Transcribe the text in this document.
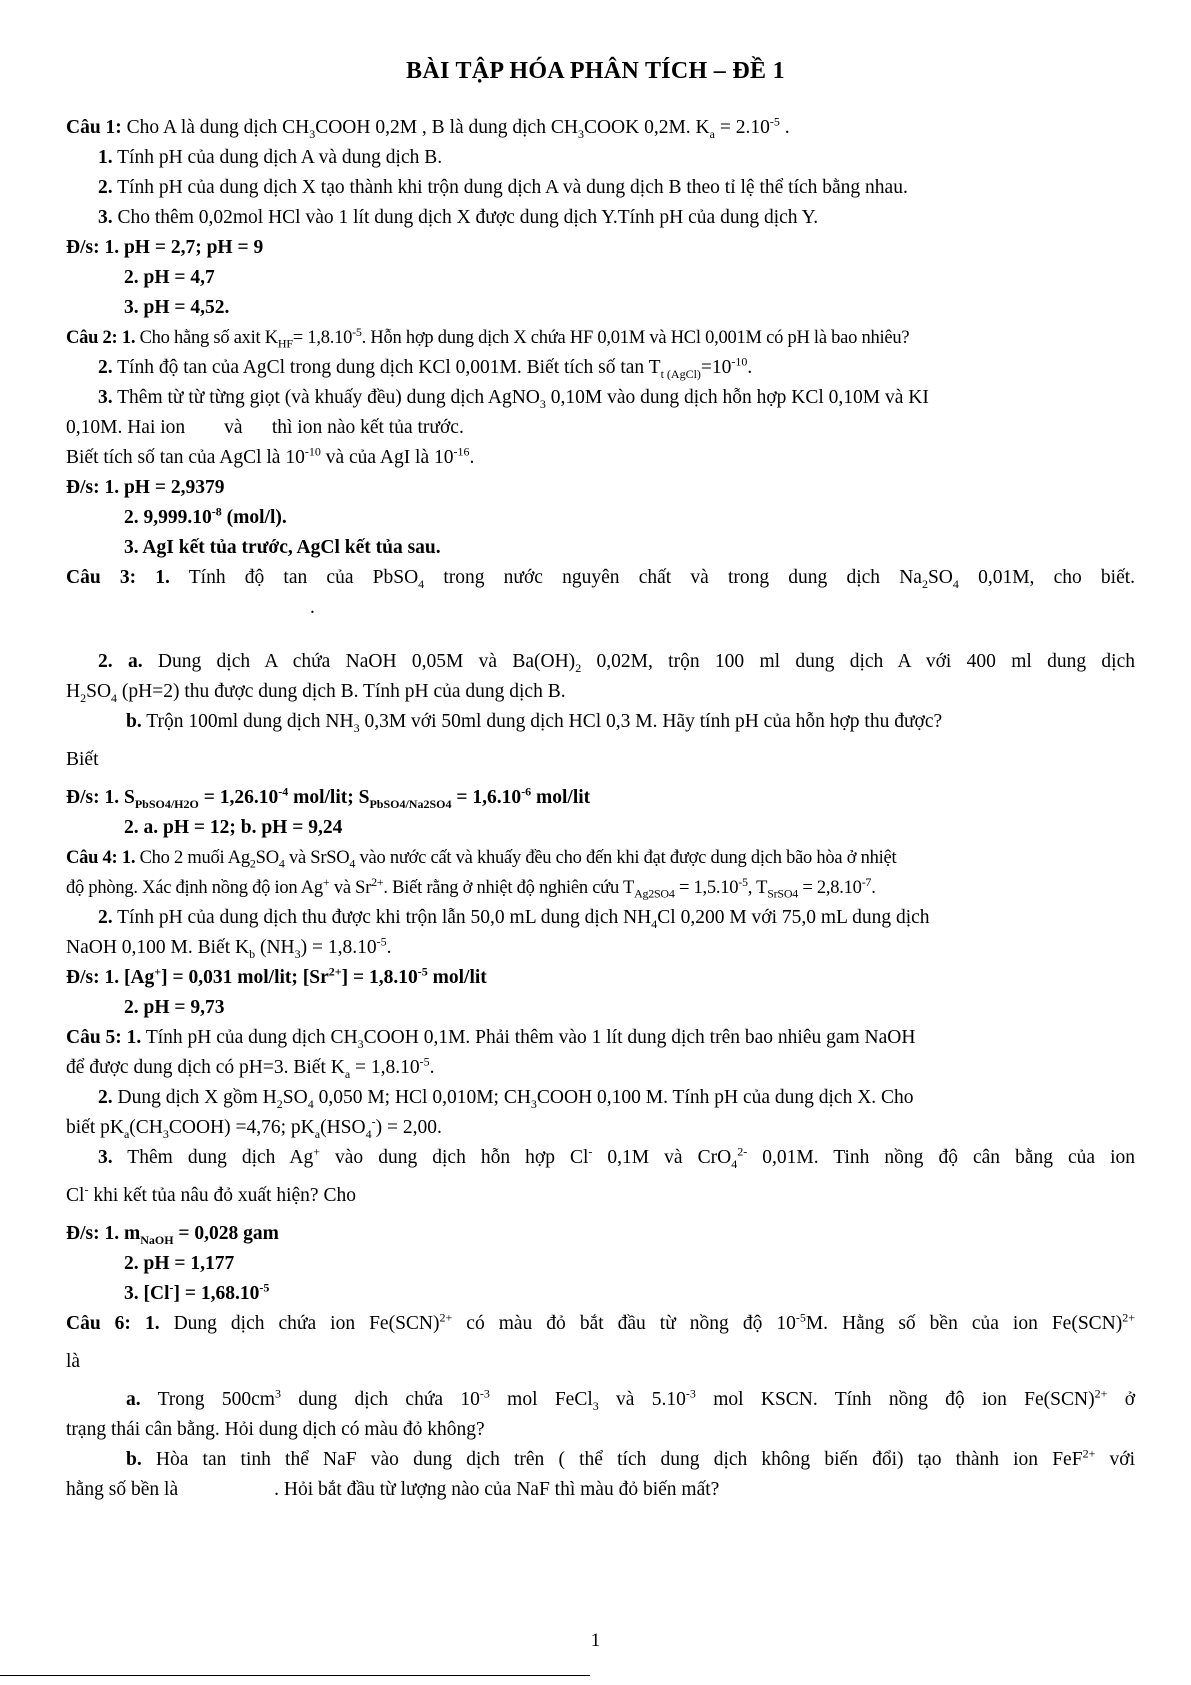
BÀI TẬP HÓA PHÂN TÍCH – ĐỀ 1

Câu 1: Cho A là dung dịch $CH_3COOH$ 0,2M , B là dung dịch $CH_3COOK$ 0,2M. $K_a = 2.10^{-5}$ .

1. Tính pH của dung dịch A và dung dịch B.

2. Tính pH của dung dịch X tạo thành khi trộn dung dịch A và dung dịch B theo tỉ lệ thể tích bằng nhau.

3. Cho thêm 0,02mol HCl vào 1 lít dung dịch X được dung dịch Y.Tính pH của dung dịch Y.

Đ/s: 1. pH = 2,7; pH = 9

2. pH = 4,7

3. pH = 4,52.

Câu 2: 1. Cho hằng số axit $K_{HF}= 1,8.10^{-5}$. Hỗn hợp dung dịch X chứa HF 0,01M và HCl 0,001M có pH là bao nhiêu?

2. Tính độ tan của AgCl trong dung dịch KCl 0,001M. Biết tích số $\tan T_{t (AgCl)}=10^{-10}$.

3. Thêm từ từ từng giọt (và khuấy đều) dung dịch AgNO$_3$ 0,10M vào dung dịch hỗn hợp KCl 0,10M và KI

0,10M. Hai ion        và      thì ion nào kết tủa trước.

Biết tích số tan của AgCl là $10^{-10}$ và của AgI là $10^{-16}$.

Đ/s: 1. pH = 2,9379

2. $9,999.10^{-8}$ (mol/l).

3. AgI kết tủa trước, AgCl kết tủa sau.

Câu 3: 1. Tính độ tan của PbSO$_4$ trong nước nguyên chất và trong dung dịch $Na_2SO_4$ 0,01M, cho biết.

.

2. a. Dung dịch A chứa NaOH 0,05M và $Ba(OH)_2$ 0,02M, trộn 100 ml dung dịch A với 400 ml dung dịch

$H_2SO_4$ (pH=2) thu được dung dịch B. Tính pH của dung dịch B.

b. Trộn 100ml dung dịch $NH_3$ 0,3M với 50ml dung dịch HCl 0,3 M. Hãy tính pH của hỗn hợp thu được?

Biết

Đ/s: 1. $S_{PbSO4/H2O} = 1,26.10^{-4}$ mol/lit; $S_{PbSO4/Na2SO4} = 1,6.10^{-6}$ mol/lit

2. a. pH = 12; b. pH = 9,24

Câu 4: 1. Cho 2 muối $Ag_2SO_4$ và SrSO$_4$ vào nước cất và khuấy đều cho đến khi đạt được dung dịch bão hòa ở nhiệt

độ phòng. Xác định nồng độ ion Ag+ và $Sr^{2+}$. Biết rằng ở nhiệt độ nghiên cứu $T_{Ag2SO4} = 1,5.10^{-5}$, $T_{SrSO4} = 2,8.10^{-7}$.

2. Tính pH của dung dịch thu được khi trộn lẫn 50,0 mL dung dịch $NH_4Cl$ 0,200 M với 75,0 mL dung dịch

NaOH 0,100 M. Biết $K_b$ $(NH_3) = 1,8.10^{-5}$.

Đ/s: 1. [Ag+] = 0,031 mol/lit; $[Sr^{2+}] = 1,8.10^{-5}$ mol/lit

2. pH = 9,73

Câu 5: 1. Tính pH của dung dịch $CH_3COOH$ 0,1M. Phải thêm vào 1 lít dung dịch trên bao nhiêu gam NaOH

để được dung dịch có pH=3. Biết $K_a = 1,8.10^{-5}$.

2. Dung dịch X gồm $H_2SO_4$ 0,050 M; HCl 0,010M; $CH_3COOH$ 0,100 M. Tính pH của dung dịch X. Cho

biết $pK_a(CH_3COOH) =4,76$; $pK_a(HSO_4^-) = 2,00$.

3. Thêm dung dịch Ag+ vào dung dịch hỗn hợp Cl- 0,1M và CrO$_4^{2-}$ 0,01M. Tinh nồng độ cân bằng của ion

Cl- khi kết tủa nâu đỏ xuất hiện? Cho

Đ/s: 1. $m_{NaOH} = 0,028$ gam

2. pH = 1,177

3. $[Cl^-] = 1,68.10^{-5}$

Câu 6: 1. Dung dịch chứa ion Fe(SCN)$^{2+}$ có màu đỏ bắt đầu từ nồng độ $10^{-5}M$. Hằng số bền của ion Fe(SCN)$^{2+}$

là

a. Trong $500cm^3$ dung dịch chứa $10^{-3}$ mol FeCl$_3$ và $5.10^{-3}$ mol KSCN. Tính nồng độ ion Fe(SCN)$^{2+}$ ở

trạng thái cân bằng. Hỏi dung dịch có màu đỏ không?

b. Hòa tan tinh thể NaF vào dung dịch trên ( thể tích dung dịch không biến đổi) tạo thành ion FeF$^{2+}$ với

hằng số bền là	. Hỏi bắt đầu từ lượng nào của NaF thì màu đỏ biến mất?

1
